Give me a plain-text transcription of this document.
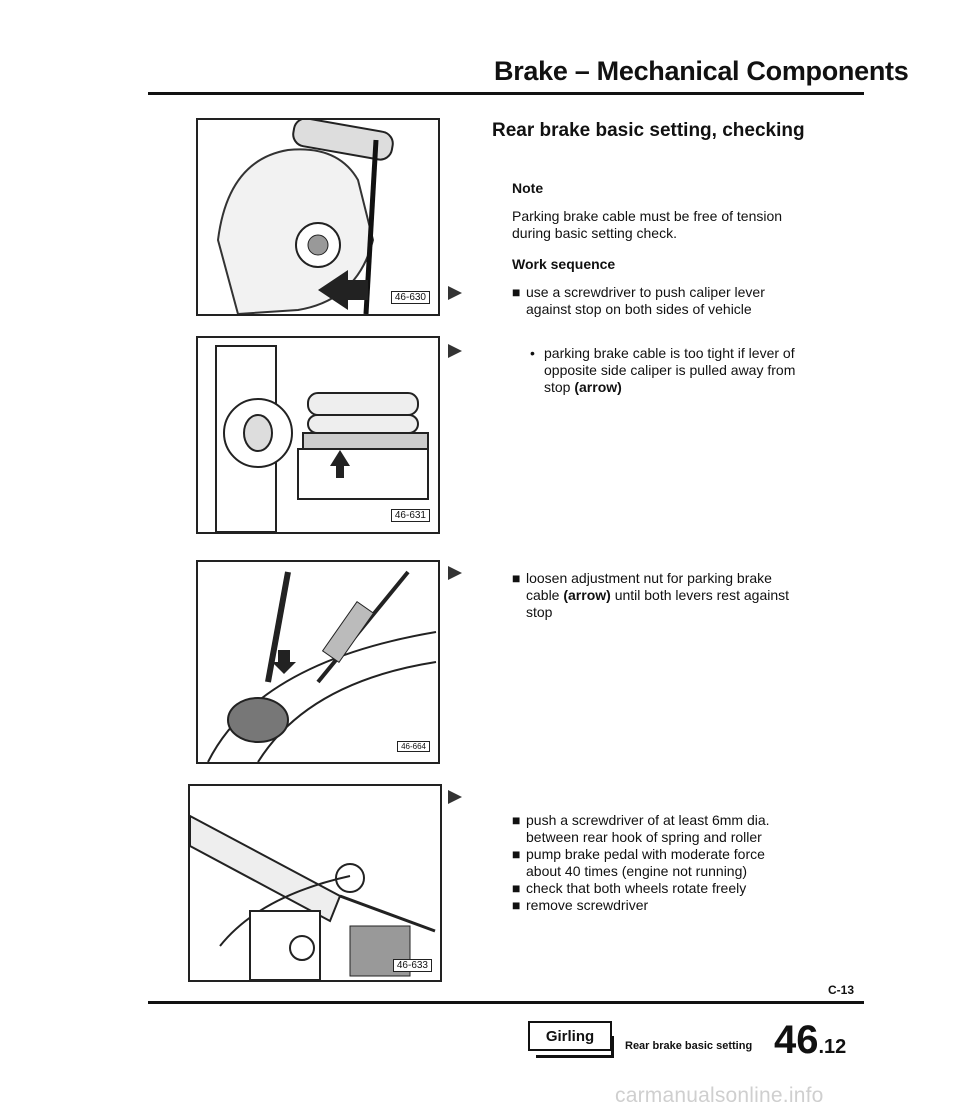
Brake – Mechanical Components
46-630
46-631
46-664
46-633
Rear brake basic setting, checking
Note
Parking brake cable must be free of tension
during basic setting check.
Work sequence
■ use a screwdriver to push caliper lever
against stop on both sides of vehicle
• parking brake cable is too tight if lever of
opposite side caliper is pulled away from
stop (arrow)
■ loosen adjustment nut for parking brake
cable (arrow) until both levers rest against
stop
■ push a screwdriver of at least 6mm dia.
between rear hook of spring and roller
■ pump brake pedal with moderate force
about 40 times (engine not running)
■ check that both wheels rotate freely
■ remove screwdriver
C-13
Girling
Rear brake basic setting 46.12
carmanualsonline.info
